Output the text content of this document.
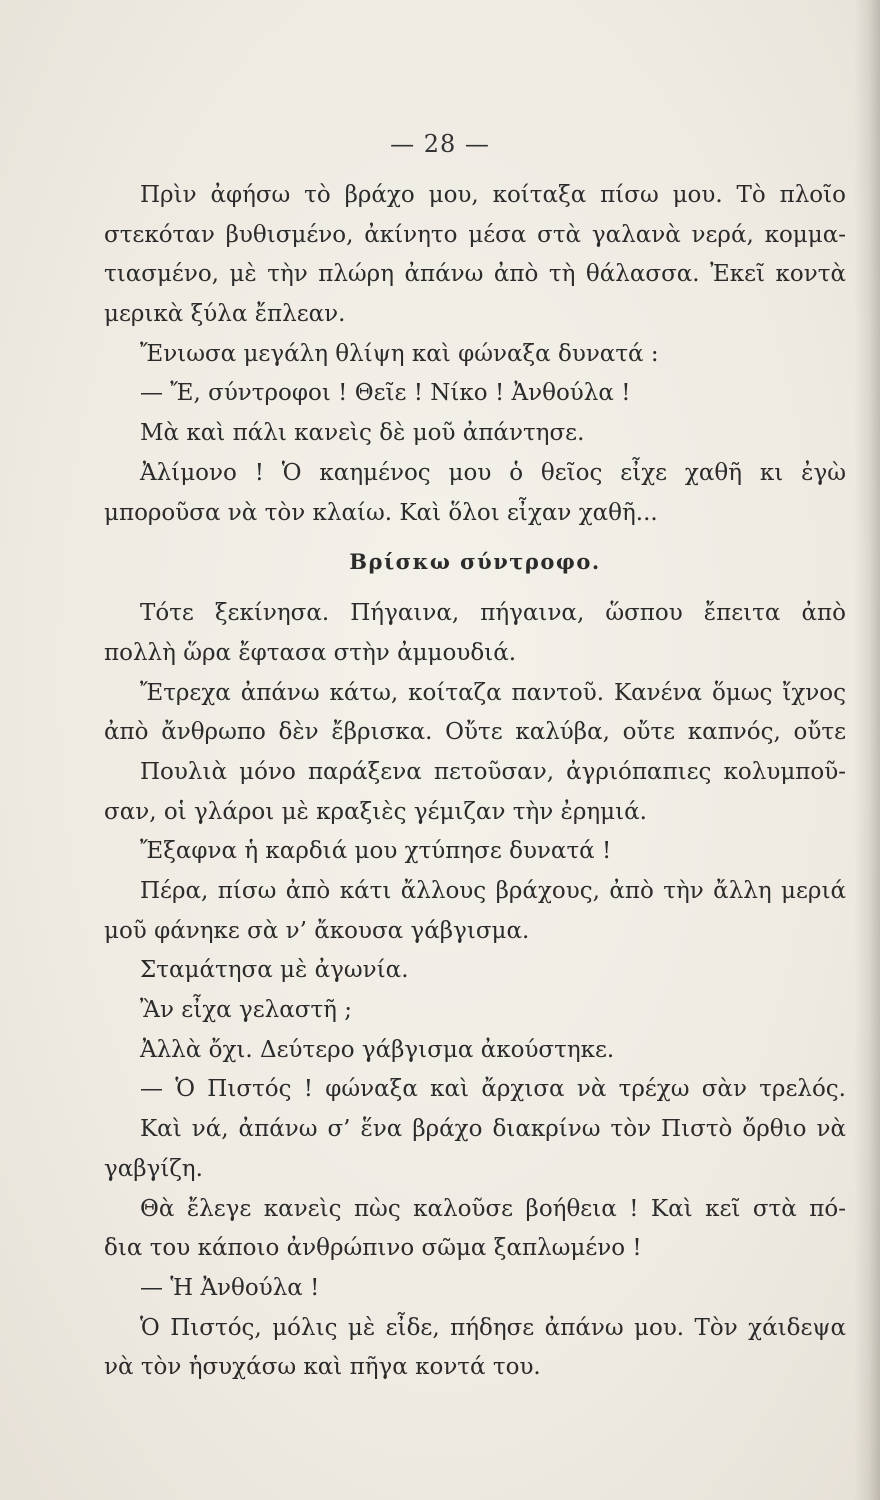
— 28 —
Πρὶν ἀφήσω τὸ βράχο μου, κοίταξα πίσω μου. Τὸ πλοῖο
στεκόταν βυθισμένο, ἀκίνητο μέσα στὰ γαλανὰ νερά, κομμα-
τιασμένο, μὲ τὴν πλώρη ἀπάνω ἀπὸ τὴ θάλασσα. Ἐκεῖ κοντὰ
μερικὰ ξύλα ἔπλεαν.
Ἔνιωσα μεγάλη θλίψη καὶ φώναξα δυνατά :
— Ἔ, σύντροφοι ! Θεῖε ! Νίκο ! Ἀνθούλα !
Μὰ καὶ πάλι κανεὶς δὲ μοῦ ἀπάντησε.
Ἀλίμονο ! Ὁ καημένος μου ὁ θεῖος εἶχε χαθῆ κι ἐγὼ
μποροῦσα νὰ τὸν κλαίω. Καὶ ὅλοι εἶχαν χαθῆ...
Βρίσκω σύντροφο.
Τότε ξεκίνησα. Πήγαινα, πήγαινα, ὥσπου ἔπειτα ἀπὸ
πολλὴ ὥρα ἔφτασα στὴν ἀμμουδιά.
Ἔτρεχα ἀπάνω κάτω, κοίταζα παντοῦ. Κανένα ὅμως ἴχνος
ἀπὸ ἄνθρωπο δὲν ἔβρισκα. Οὔτε καλύβα, οὔτε καπνός, οὔτε
Πουλιὰ μόνο παράξενα πετοῦσαν, ἀγριόπαπιες κολυμποῦ-
σαν, οἱ γλάροι μὲ κραξιὲς γέμιζαν τὴν ἐρημιά.
Ἔξαφνα ἡ καρδιά μου χτύπησε δυνατά !
Πέρα, πίσω ἀπὸ κάτι ἄλλους βράχους, ἀπὸ τὴν ἄλλη μεριά
μοῦ φάνηκε σὰ ν’ ἄκουσα γάβγισμα.
Σταμάτησα μὲ ἀγωνία.
Ἂν εἶχα γελαστῆ ;
Ἀλλὰ ὄχι. Δεύτερο γάβγισμα ἀκούστηκε.
— Ὁ Πιστός ! φώναξα καὶ ἄρχισα νὰ τρέχω σὰν τρελός.
Καὶ νά, ἀπάνω σ’ ἕνα βράχο διακρίνω τὸν Πιστὸ ὄρθιο νὰ
γαβγίζη.
Θὰ ἔλεγε κανεὶς πὼς καλοῦσε βοήθεια ! Καὶ κεῖ στὰ πό-
δια του κάποιο ἀνθρώπινο σῶμα ξαπλωμένο !
— Ἡ Ἀνθούλα !
Ὁ Πιστός, μόλις μὲ εἶδε, πήδησε ἀπάνω μου. Τὸν χάιδεψα
νὰ τὸν ἡσυχάσω καὶ πῆγα κοντά του.
